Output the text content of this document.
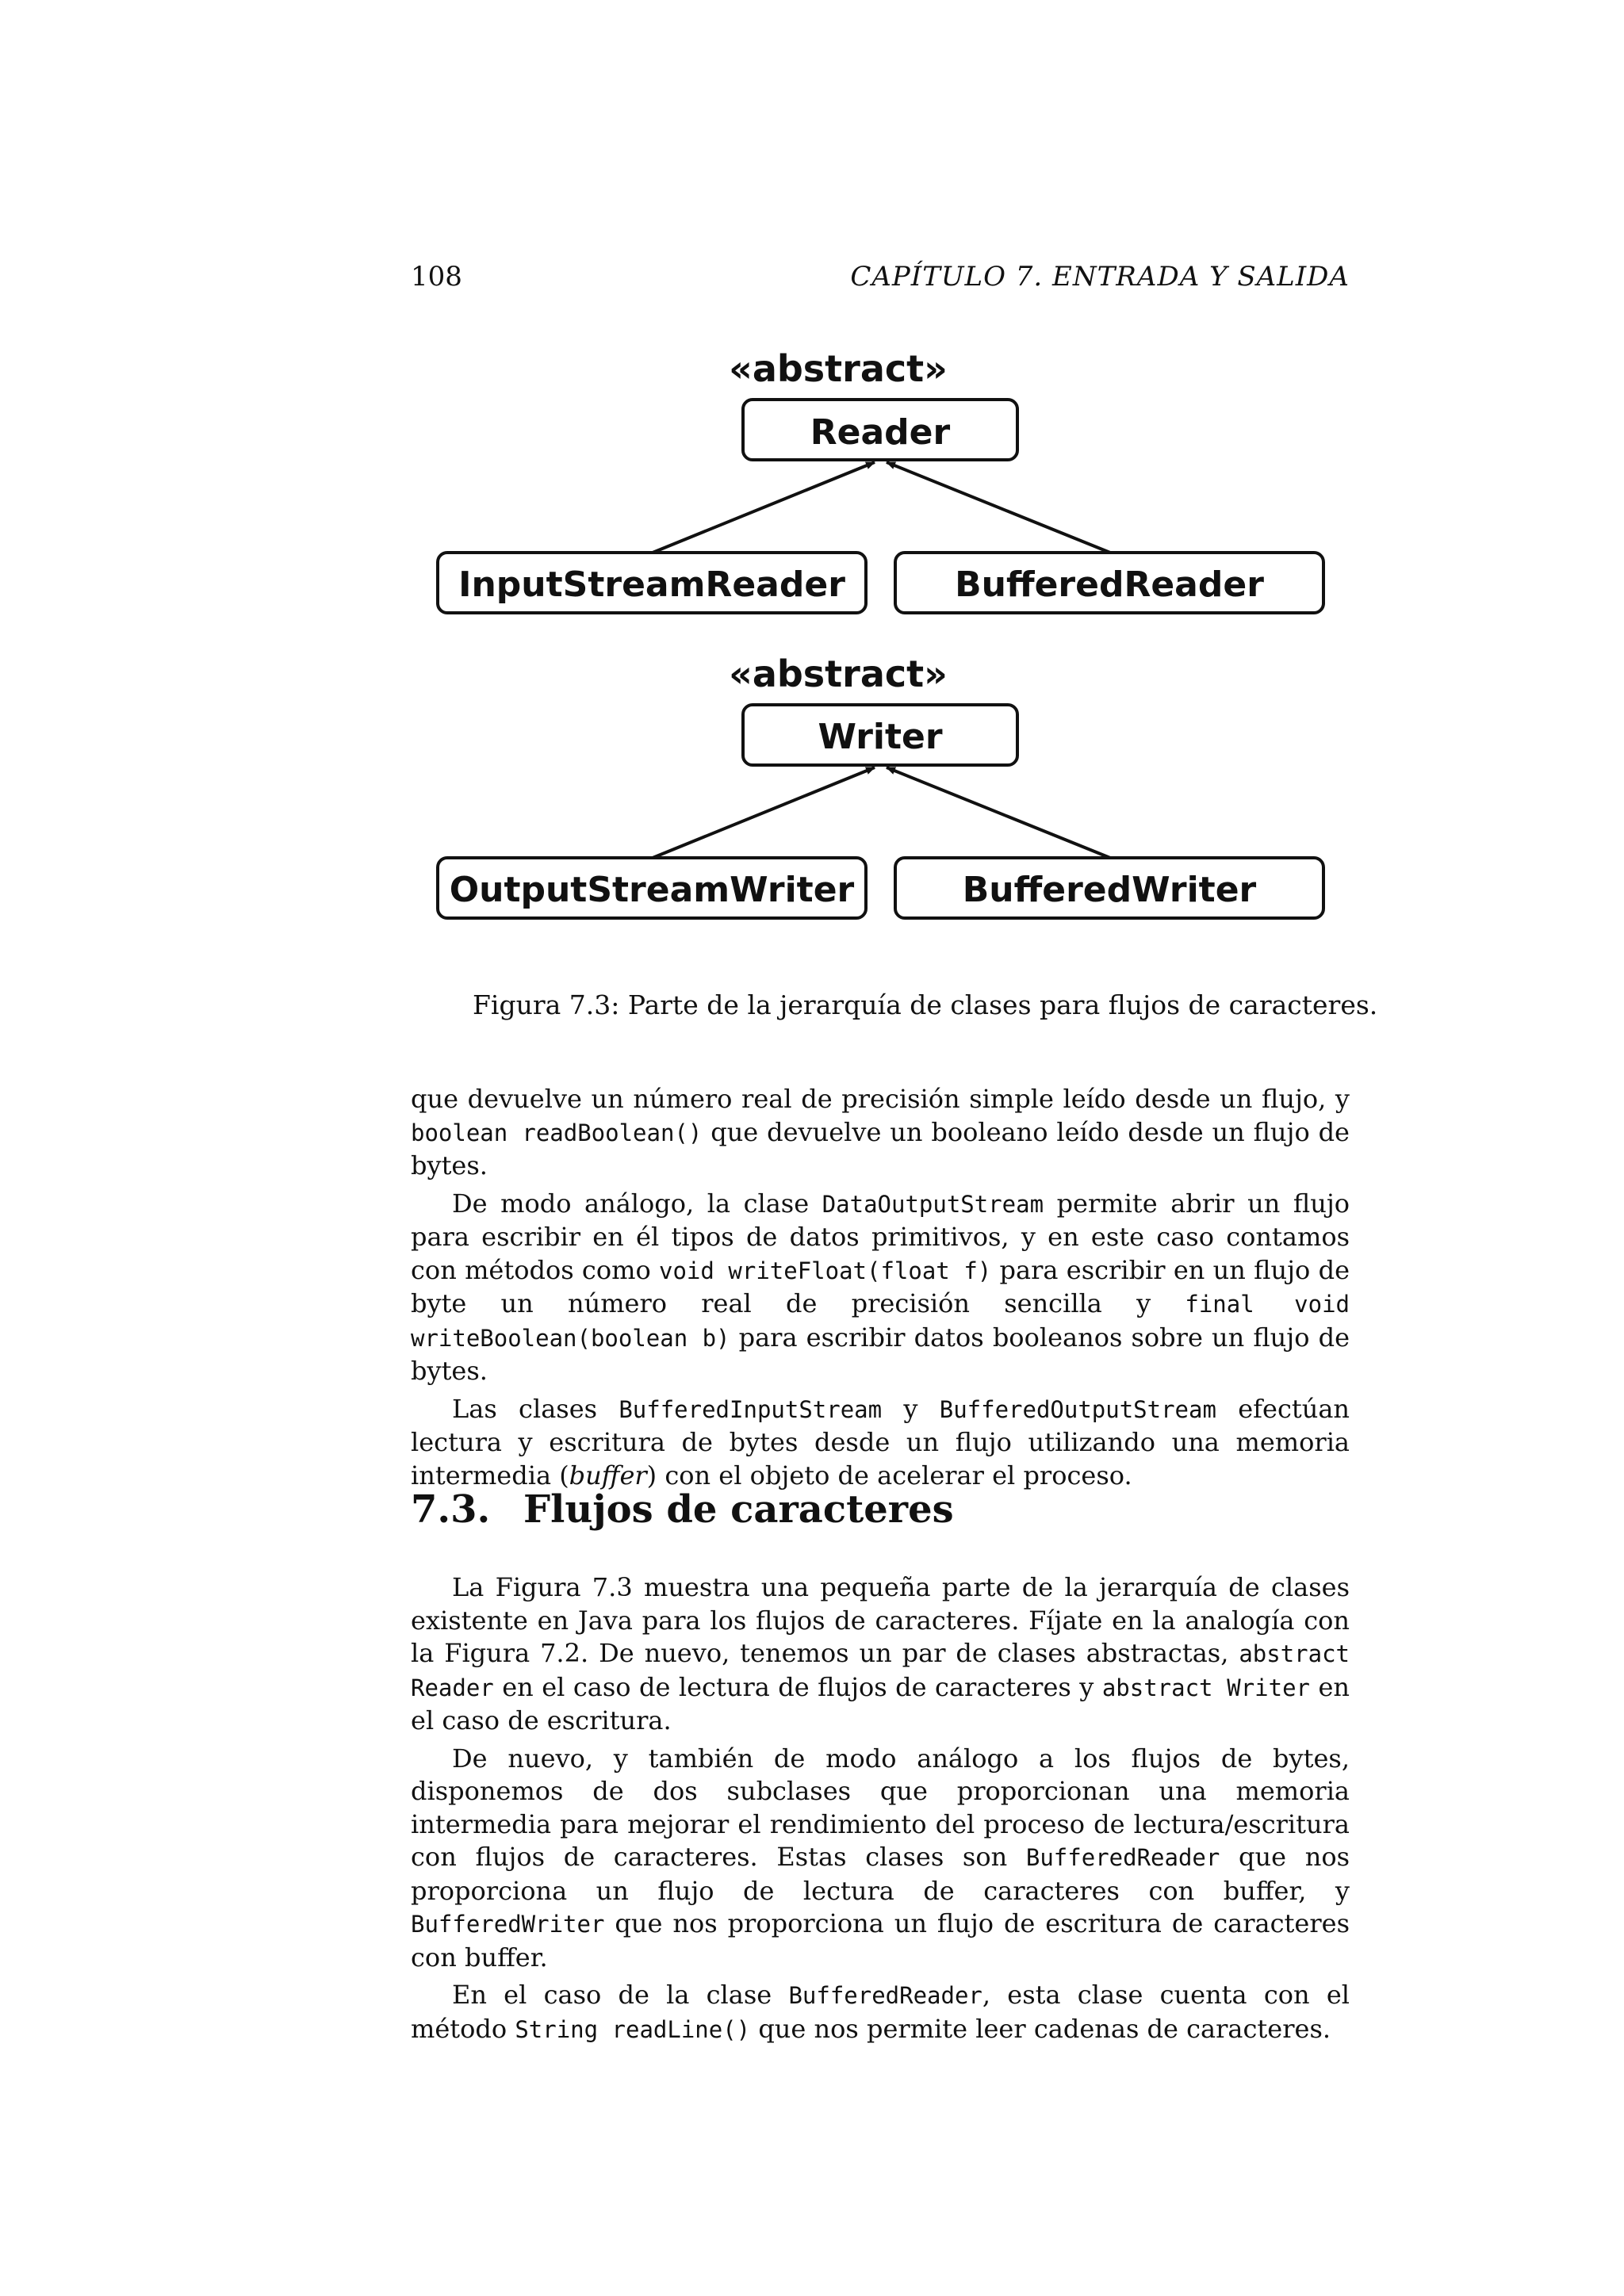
108	CAPÍTULO 7. ENTRADA Y SALIDA
«abstract»
Reader
InputStreamReader	BufferedReader
«abstract»
Writer
OutputStreamWriter	BufferedWriter
Figura 7.3: Parte de la jerarquía de clases para flujos de caracteres.

que devuelve un número real de precisión simple leído desde un flujo, y boolean readBoolean() que devuelve un booleano leído desde un flujo de bytes.

De modo análogo, la clase DataOutputStream permite abrir un flujo para escribir en él tipos de datos primitivos, y en este caso contamos con métodos como void writeFloat(float f) para escribir en un flujo de byte un número real de precisión sencilla y final void writeBoolean(boolean b) para escribir datos booleanos sobre un flujo de bytes.

Las clases BufferedInputStream y BufferedOutputStream efectúan lectura y escritura de bytes desde un flujo utilizando una memoria intermedia (buffer) con el objeto de acelerar el proceso.

7.3. Flujos de caracteres

La Figura 7.3 muestra una pequeña parte de la jerarquía de clases existente en Java para los flujos de caracteres. Fíjate en la analogía con la Figura 7.2. De nuevo, tenemos un par de clases abstractas, abstract Reader en el caso de lectura de flujos de caracteres y abstract Writer en el caso de escritura.

De nuevo, y también de modo análogo a los flujos de bytes, disponemos de dos subclases que proporcionan una memoria intermedia para mejorar el rendimiento del proceso de lectura/escritura con flujos de caracteres. Estas clases son BufferedReader que nos proporciona un flujo de lectura de caracteres con buffer, y BufferedWriter que nos proporciona un flujo de escritura de caracteres con buffer.

En el caso de la clase BufferedReader, esta clase cuenta con el método String readLine() que nos permite leer cadenas de caracteres.
